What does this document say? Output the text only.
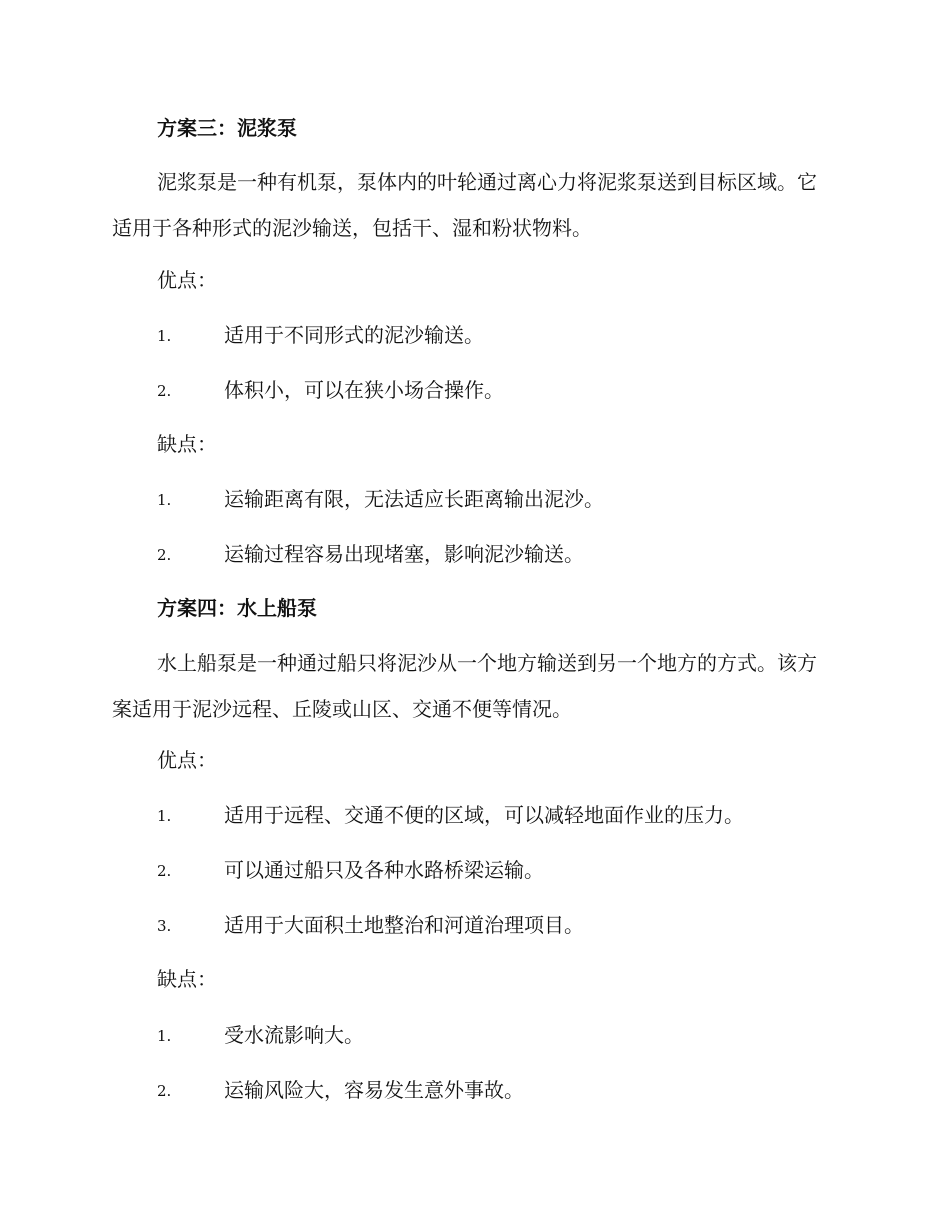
方案三：泥浆泵

泥浆泵是一种有机泵，泵体内的叶轮通过离心力将泥浆泵送到目标区域。它适用于各种形式的泥沙输送，包括干、湿和粉状物料。

优点：
1.	适用于不同形式的泥沙输送。
2.	体积小，可以在狭小场合操作。
缺点：
1.	运输距离有限，无法适应长距离输出泥沙。
2.	运输过程容易出现堵塞，影响泥沙输送。
方案四：水上船泵

水上船泵是一种通过船只将泥沙从一个地方输送到另一个地方的方式。该方案适用于泥沙远程、丘陵或山区、交通不便等情况。

优点：
1.	适用于远程、交通不便的区域，可以减轻地面作业的压力。
2.	可以通过船只及各种水路桥梁运输。
3.	适用于大面积土地整治和河道治理项目。
缺点：
1.	受水流影响大。
2.	运输风险大，容易发生意外事故。
